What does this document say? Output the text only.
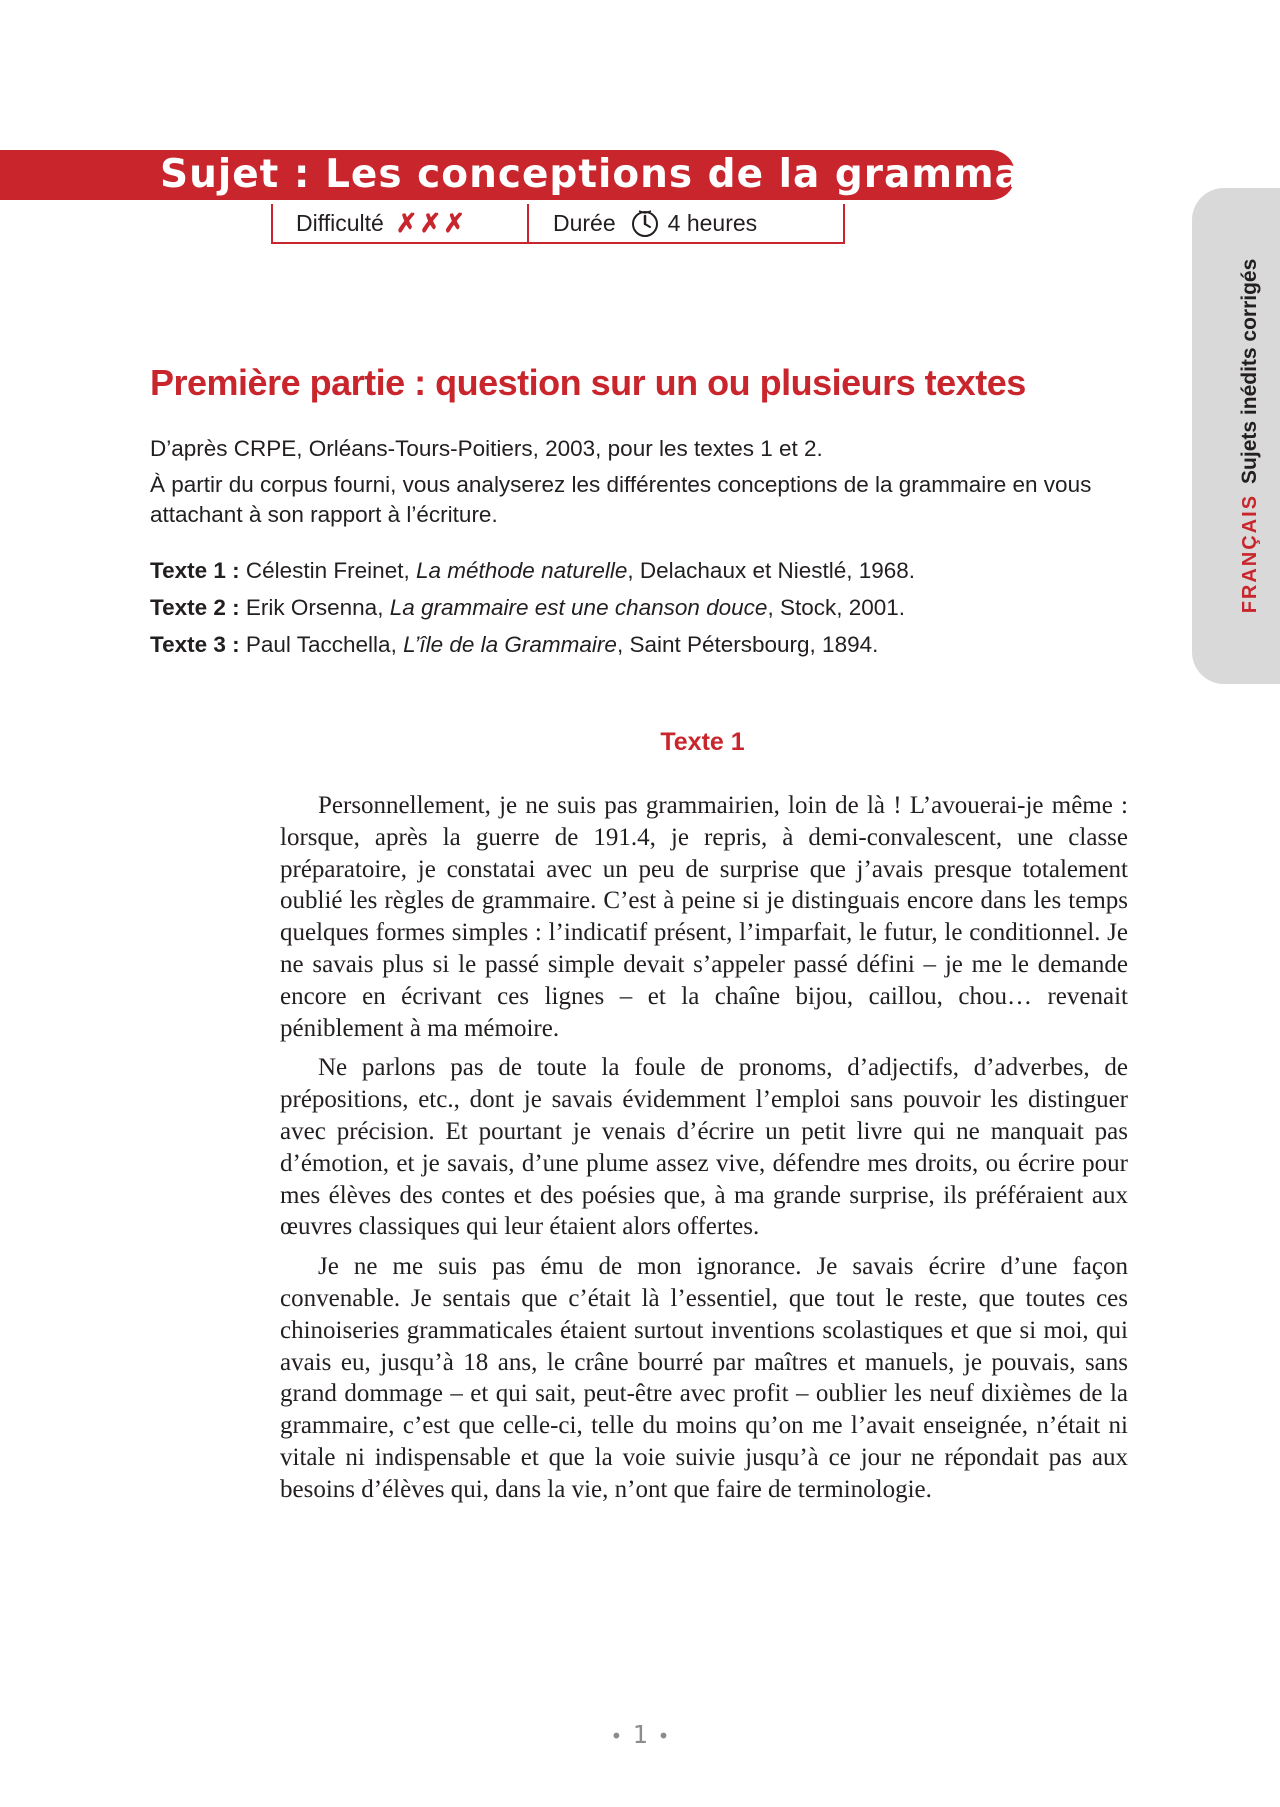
Sujet : Les conceptions de la grammaire
Difficulté ✗✗✗	Durée 4 heures
FRANÇAISSujets inédits corrigés
Première partie : question sur un ou plusieurs textes

D’après CRPE, Orléans-Tours-Poitiers, 2003, pour les textes 1 et 2.

À partir du corpus fourni, vous analyserez les différentes conceptions de la grammaire en vous attachant à son rapport à l’écriture.

Texte 1 : Célestin Freinet, La méthode naturelle, Delachaux et Niestlé, 1968.
Texte 2 : Erik Orsenna, La grammaire est une chanson douce, Stock, 2001.
Texte 3 : Paul Tacchella, L’île de la Grammaire, Saint Pétersbourg, 1894.
Texte 1

Personnellement, je ne suis pas grammairien, loin de là ! L’avouerai-je même : lorsque, après la guerre de 191.4, je repris, à demi-convalescent, une classe préparatoire, je constatai avec un peu de surprise que j’avais presque totalement oublié les règles de grammaire. C’est à peine si je distinguais encore dans les temps quelques formes simples : l’indicatif présent, l’imparfait, le futur, le conditionnel. Je ne savais plus si le passé simple devait s’appeler passé défini – je me le demande encore en écrivant ces lignes – et la chaîne bijou, caillou, chou… revenait péniblement à ma mémoire.

Ne parlons pas de toute la foule de pronoms, d’adjectifs, d’adverbes, de prépositions, etc., dont je savais évidemment l’emploi sans pouvoir les distinguer avec précision. Et pourtant je venais d’écrire un petit livre qui ne manquait pas d’émotion, et je savais, d’une plume assez vive, défendre mes droits, ou écrire pour mes élèves des contes et des poésies que, à ma grande surprise, ils préféraient aux œuvres classiques qui leur étaient alors offertes.

Je ne me suis pas ému de mon ignorance. Je savais écrire d’une façon convenable. Je sentais que c’était là l’essentiel, que tout le reste, que toutes ces chinoiseries grammaticales étaient surtout inventions scolastiques et que si moi, qui avais eu, jusqu’à 18 ans, le crâne bourré par maîtres et manuels, je pouvais, sans grand dommage – et qui sait, peut-être avec profit – oublier les neuf dixièmes de la grammaire, c’est que celle-ci, telle du moins qu’on me l’avait enseignée, n’était ni vitale ni indispensable et que la voie suivie jusqu’à ce jour ne répondait pas aux besoins d’élèves qui, dans la vie, n’ont que faire de terminologie.

• 1 •
